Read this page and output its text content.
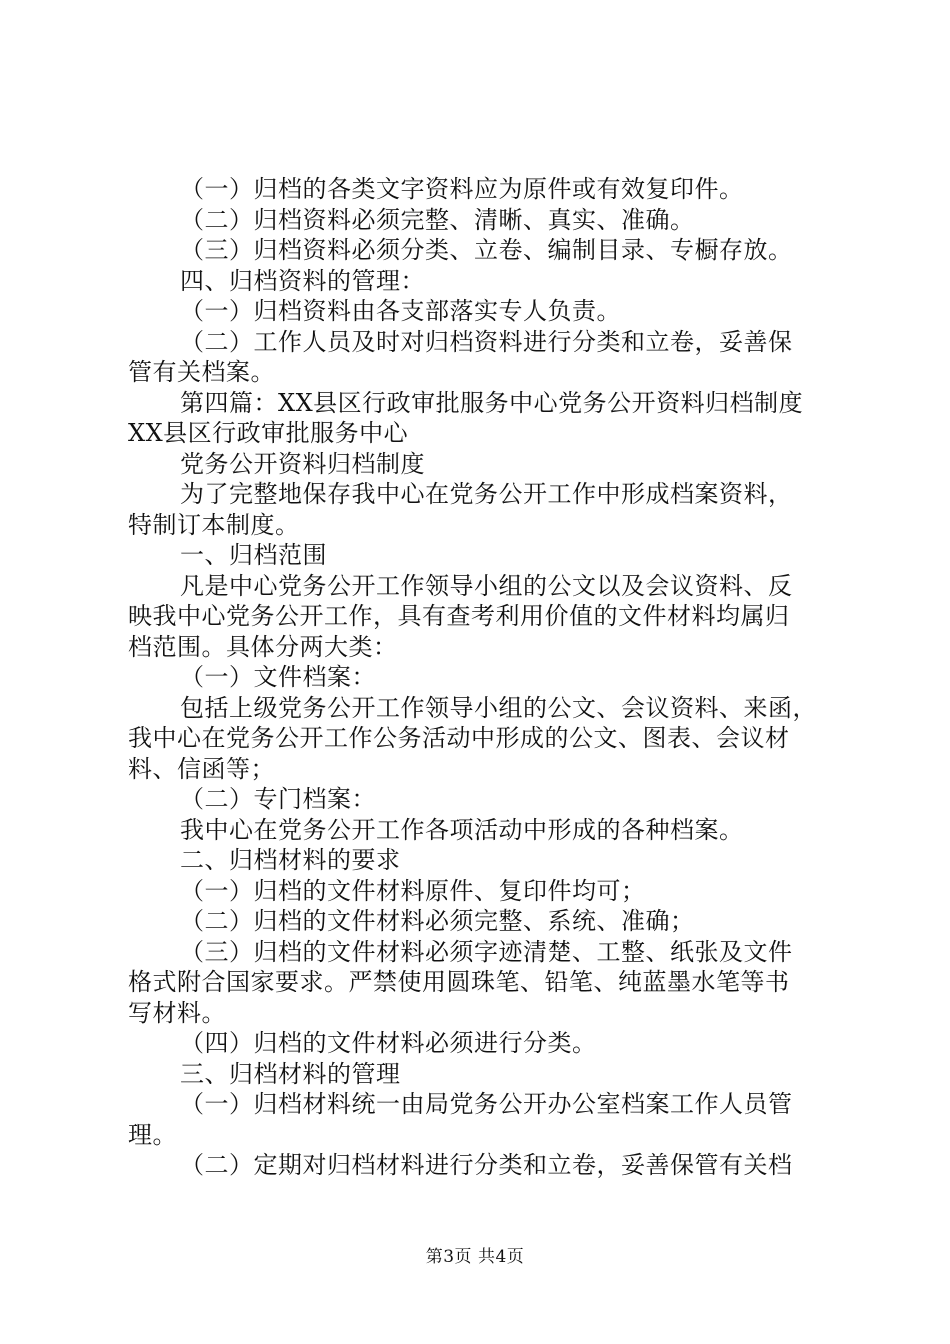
（一）归档的各类文字资料应为原件或有效复印件。
（二）归档资料必须完整、清晰、真实、准确。
（三）归档资料必须分类、立卷、编制目录、专橱存放。
四、归档资料的管理：
（一）归档资料由各支部落实专人负责。
（二）工作人员及时对归档资料进行分类和立卷，妥善保
管有关档案。
第四篇：XX县区行政审批服务中心党务公开资料归档制度
XX县区行政审批服务中心
党务公开资料归档制度
为了完整地保存我中心在党务公开工作中形成档案资料，
特制订本制度。
一、归档范围
凡是中心党务公开工作领导小组的公文以及会议资料、反
映我中心党务公开工作，具有查考利用价值的文件材料均属归
档范围。具体分两大类：
（一）文件档案：
包括上级党务公开工作领导小组的公文、会议资料、来函，
我中心在党务公开工作公务活动中形成的公文、图表、会议材
料、信函等；
（二）专门档案：
我中心在党务公开工作各项活动中形成的各种档案。
二、归档材料的要求
（一）归档的文件材料原件、复印件均可；
（二）归档的文件材料必须完整、系统、准确；
（三）归档的文件材料必须字迹清楚、工整、纸张及文件
格式附合国家要求。严禁使用圆珠笔、铅笔、纯蓝墨水笔等书
写材料。
（四）归档的文件材料必须进行分类。
三、归档材料的管理
（一）归档材料统一由局党务公开办公室档案工作人员管
理。
（二）定期对归档材料进行分类和立卷，妥善保管有关档
第3页 共4页
